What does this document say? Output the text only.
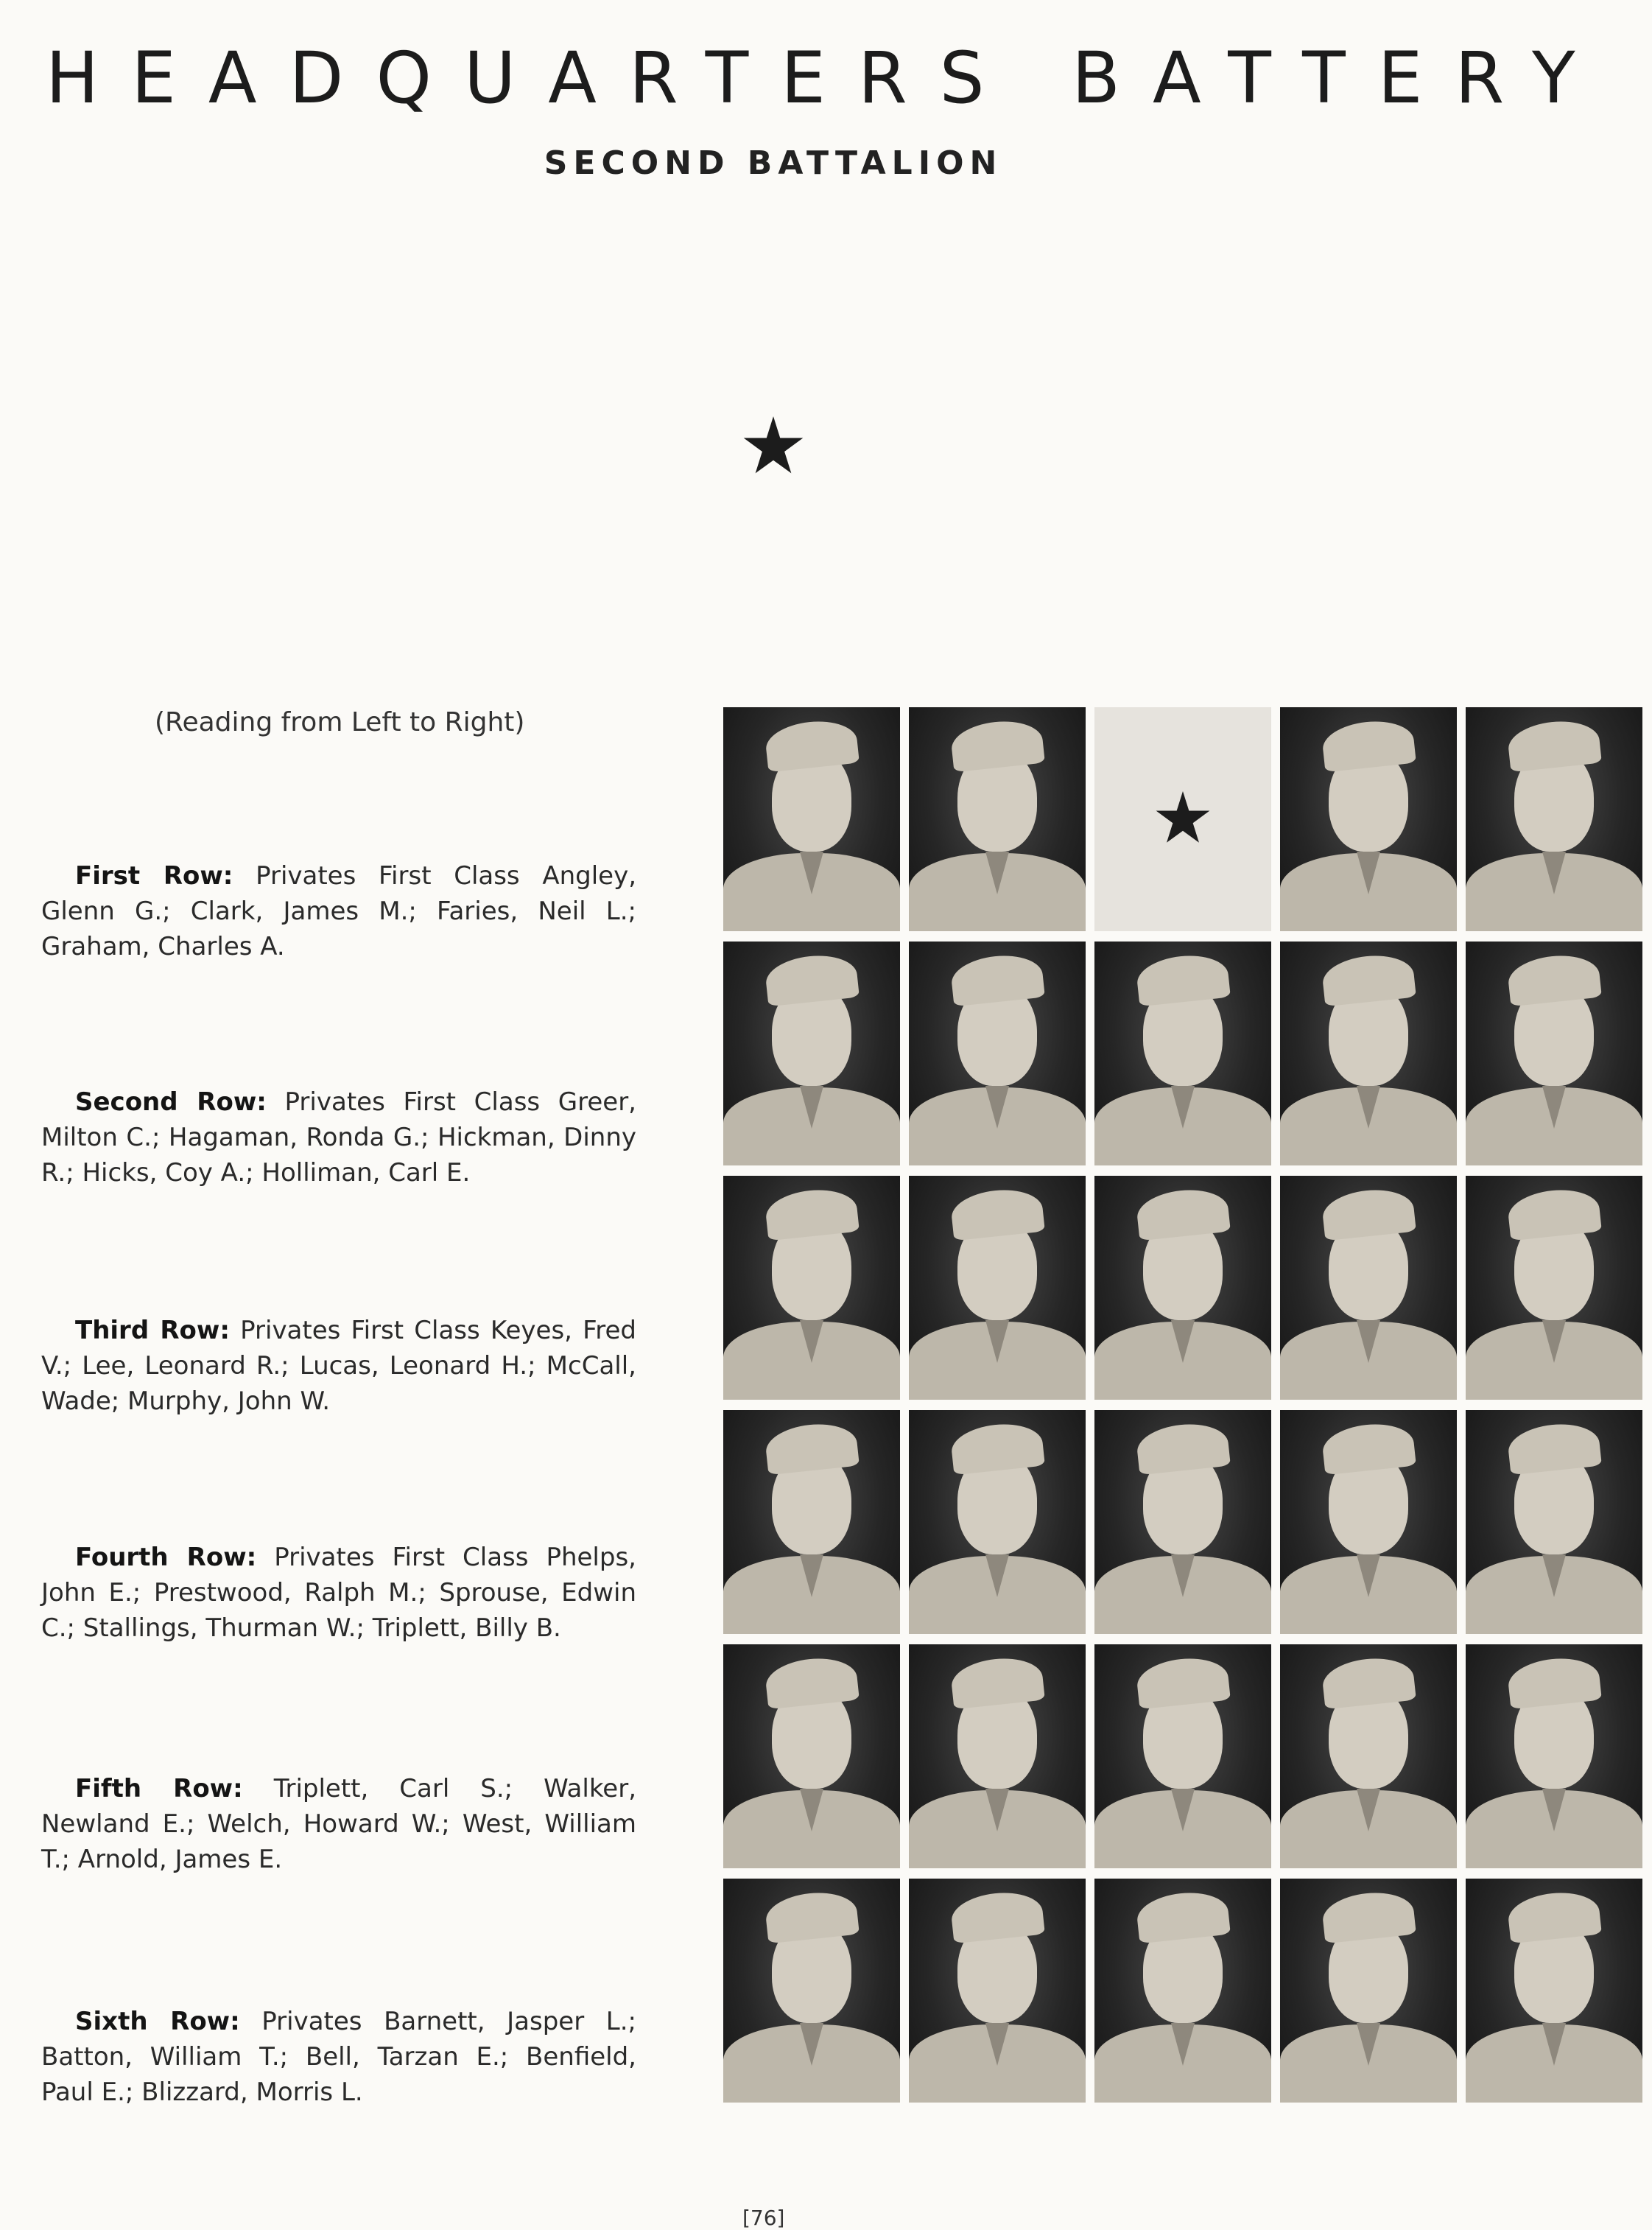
HEADQUARTERS BATTERY
SECOND BATTALION
(Reading from Left to Right)
First Row: Privates First Class Angley, Glenn G.; Clark, James M.; Faries, Neil L.; Graham, Charles A.
Second Row: Privates First Class Greer, Milton C.; Hagaman, Ronda G.; Hickman, Dinny R.; Hicks, Coy A.; Holliman, Carl E.
Third Row: Privates First Class Keyes, Fred V.; Lee, Leonard R.; Lucas, Leonard H.; McCall, Wade; Murphy, John W.
Fourth Row: Privates First Class Phelps, John E.; Prestwood, Ralph M.; Sprouse, Edwin C.; Stallings, Thurman W.; Triplett, Billy B.
Fifth Row: Triplett, Carl S.; Walker, Newland E.; Welch, Howard W.; West, William T.; Arnold, James E.
Sixth Row: Privates Barnett, Jasper L.; Batton, William T.; Bell, Tarzan E.; Benfield, Paul E.; Blizzard, Morris L.
[76]
